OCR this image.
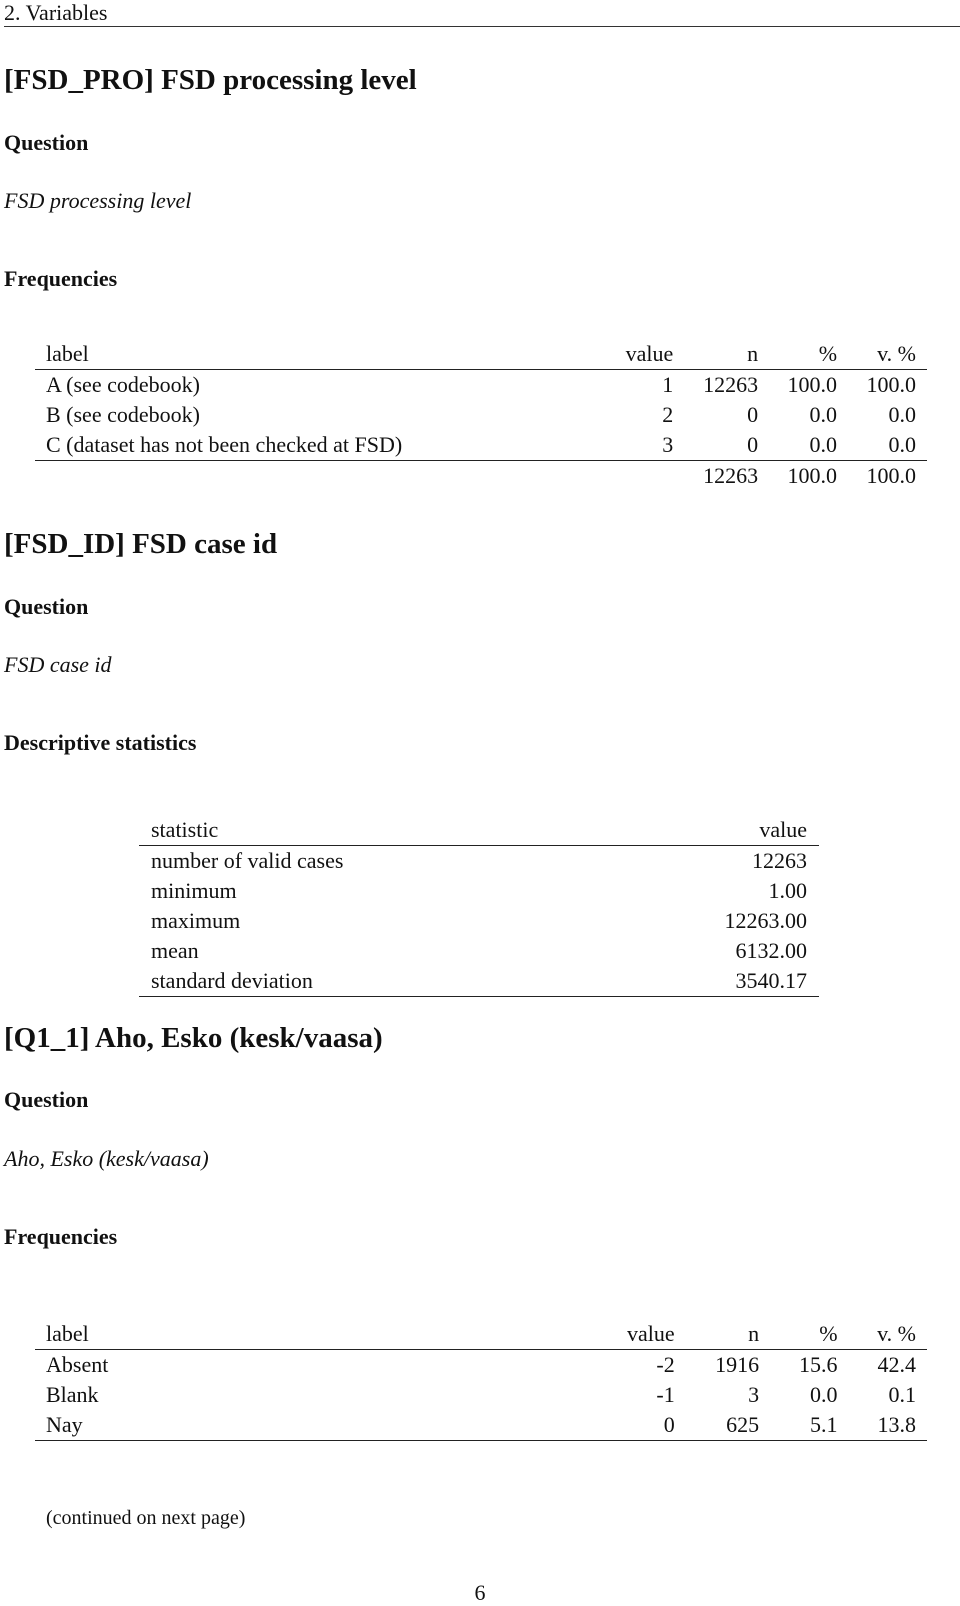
2. Variables
[FSD_PRO] FSD processing level
Question
FSD processing level
Frequencies
label	value	n	%	v. %
A (see codebook)	1	12263	100.0	100.0
B (see codebook)	2	0	0.0	0.0
C (dataset has not been checked at FSD)	3	0	0.0	0.0
		12263	100.0	100.0
[FSD_ID] FSD case id
Question
FSD case id
Descriptive statistics
statistic	value
number of valid cases	12263
minimum	1.00
maximum	12263.00
mean	6132.00
standard deviation	3540.17
[Q1_1] Aho, Esko (kesk/vaasa)
Question
Aho, Esko (kesk/vaasa)
Frequencies
label	value	n	%	v. %
Absent	-2	1916	15.6	42.4
Blank	-1	3	0.0	0.1
Nay	0	625	5.1	13.8
(continued on next page)
6
